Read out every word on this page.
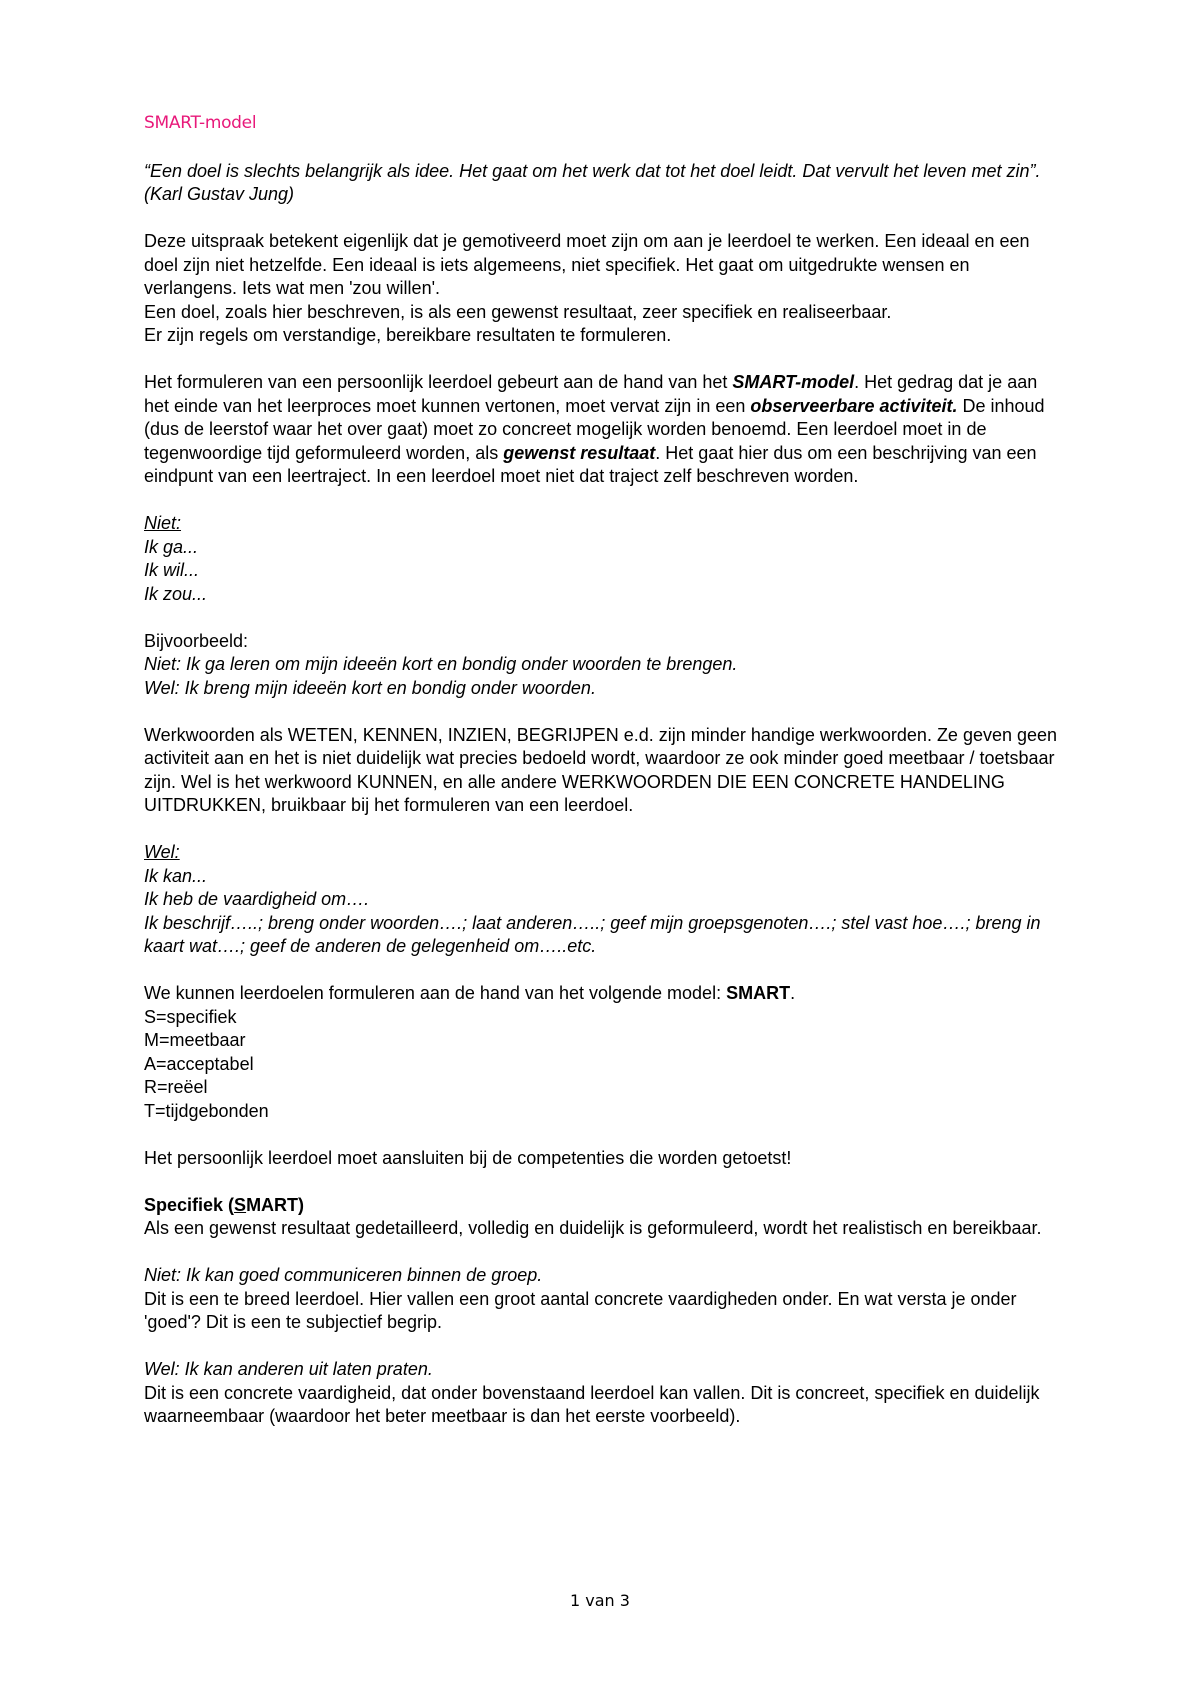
SMART-model

“Een doel is slechts belangrijk als idee. Het gaat om het werk dat tot het doel leidt. Dat vervult het leven met zin”.

(Karl Gustav Jung)

Deze uitspraak betekent eigenlijk dat je gemotiveerd moet zijn om aan je leerdoel te werken. Een ideaal en een doel zijn niet hetzelfde. Een ideaal is iets algemeens, niet specifiek. Het gaat om uitgedrukte wensen en verlangens. Iets wat men 'zou willen'.

Een doel, zoals hier beschreven, is als een gewenst resultaat, zeer specifiek en realiseerbaar.

Er zijn regels om verstandige, bereikbare resultaten te formuleren.

Het formuleren van een persoonlijk leerdoel gebeurt aan de hand van het SMART-model. Het gedrag dat je aan het einde van het leerproces moet kunnen vertonen, moet vervat zijn in een observeerbare activiteit. De inhoud (dus de leerstof waar het over gaat) moet zo concreet mogelijk worden benoemd. Een leerdoel moet in de tegenwoordige tijd geformuleerd worden, als gewenst resultaat. Het gaat hier dus om een beschrijving van een eindpunt van een leertraject. In een leerdoel moet niet dat traject zelf beschreven worden.

Niet:

Ik ga...

Ik wil...

Ik zou...

Bijvoorbeeld:

Niet: Ik ga leren om mijn ideeën kort en bondig onder woorden te brengen.

Wel: Ik breng mijn ideeën kort en bondig onder woorden.

Werkwoorden als WETEN, KENNEN, INZIEN, BEGRIJPEN e.d. zijn minder handige werkwoorden. Ze geven geen activiteit aan en het is niet duidelijk wat precies bedoeld wordt, waardoor ze ook minder goed meetbaar / toetsbaar zijn. Wel is het werkwoord KUNNEN, en alle andere WERKWOORDEN DIE EEN CONCRETE HANDELING UITDRUKKEN, bruikbaar bij het formuleren van een leerdoel.

Wel:

Ik kan...

Ik heb de vaardigheid om….

Ik beschrijf…..; breng onder woorden….; laat anderen…..; geef mijn groepsgenoten….; stel vast hoe….; breng in kaart wat….; geef de anderen de gelegenheid om…..etc.

We kunnen leerdoelen formuleren aan de hand van het volgende model: SMART.

S=specifiek

M=meetbaar

A=acceptabel

R=reëel

T=tijdgebonden

Het persoonlijk leerdoel moet aansluiten bij de competenties die worden getoetst!

Specifiek (SMART)

Als een gewenst resultaat gedetailleerd, volledig en duidelijk is geformuleerd, wordt het realistisch en bereikbaar.

Niet: Ik kan goed communiceren binnen de groep.

Dit is een te breed leerdoel. Hier vallen een groot aantal concrete vaardigheden onder. En wat versta je onder 'goed'? Dit is een te subjectief begrip.

Wel: Ik kan anderen uit laten praten.

Dit is een concrete vaardigheid, dat onder bovenstaand leerdoel kan vallen. Dit is concreet, specifiek en duidelijk waarneembaar (waardoor het beter meetbaar is dan het eerste voorbeeld).

1 van 3
